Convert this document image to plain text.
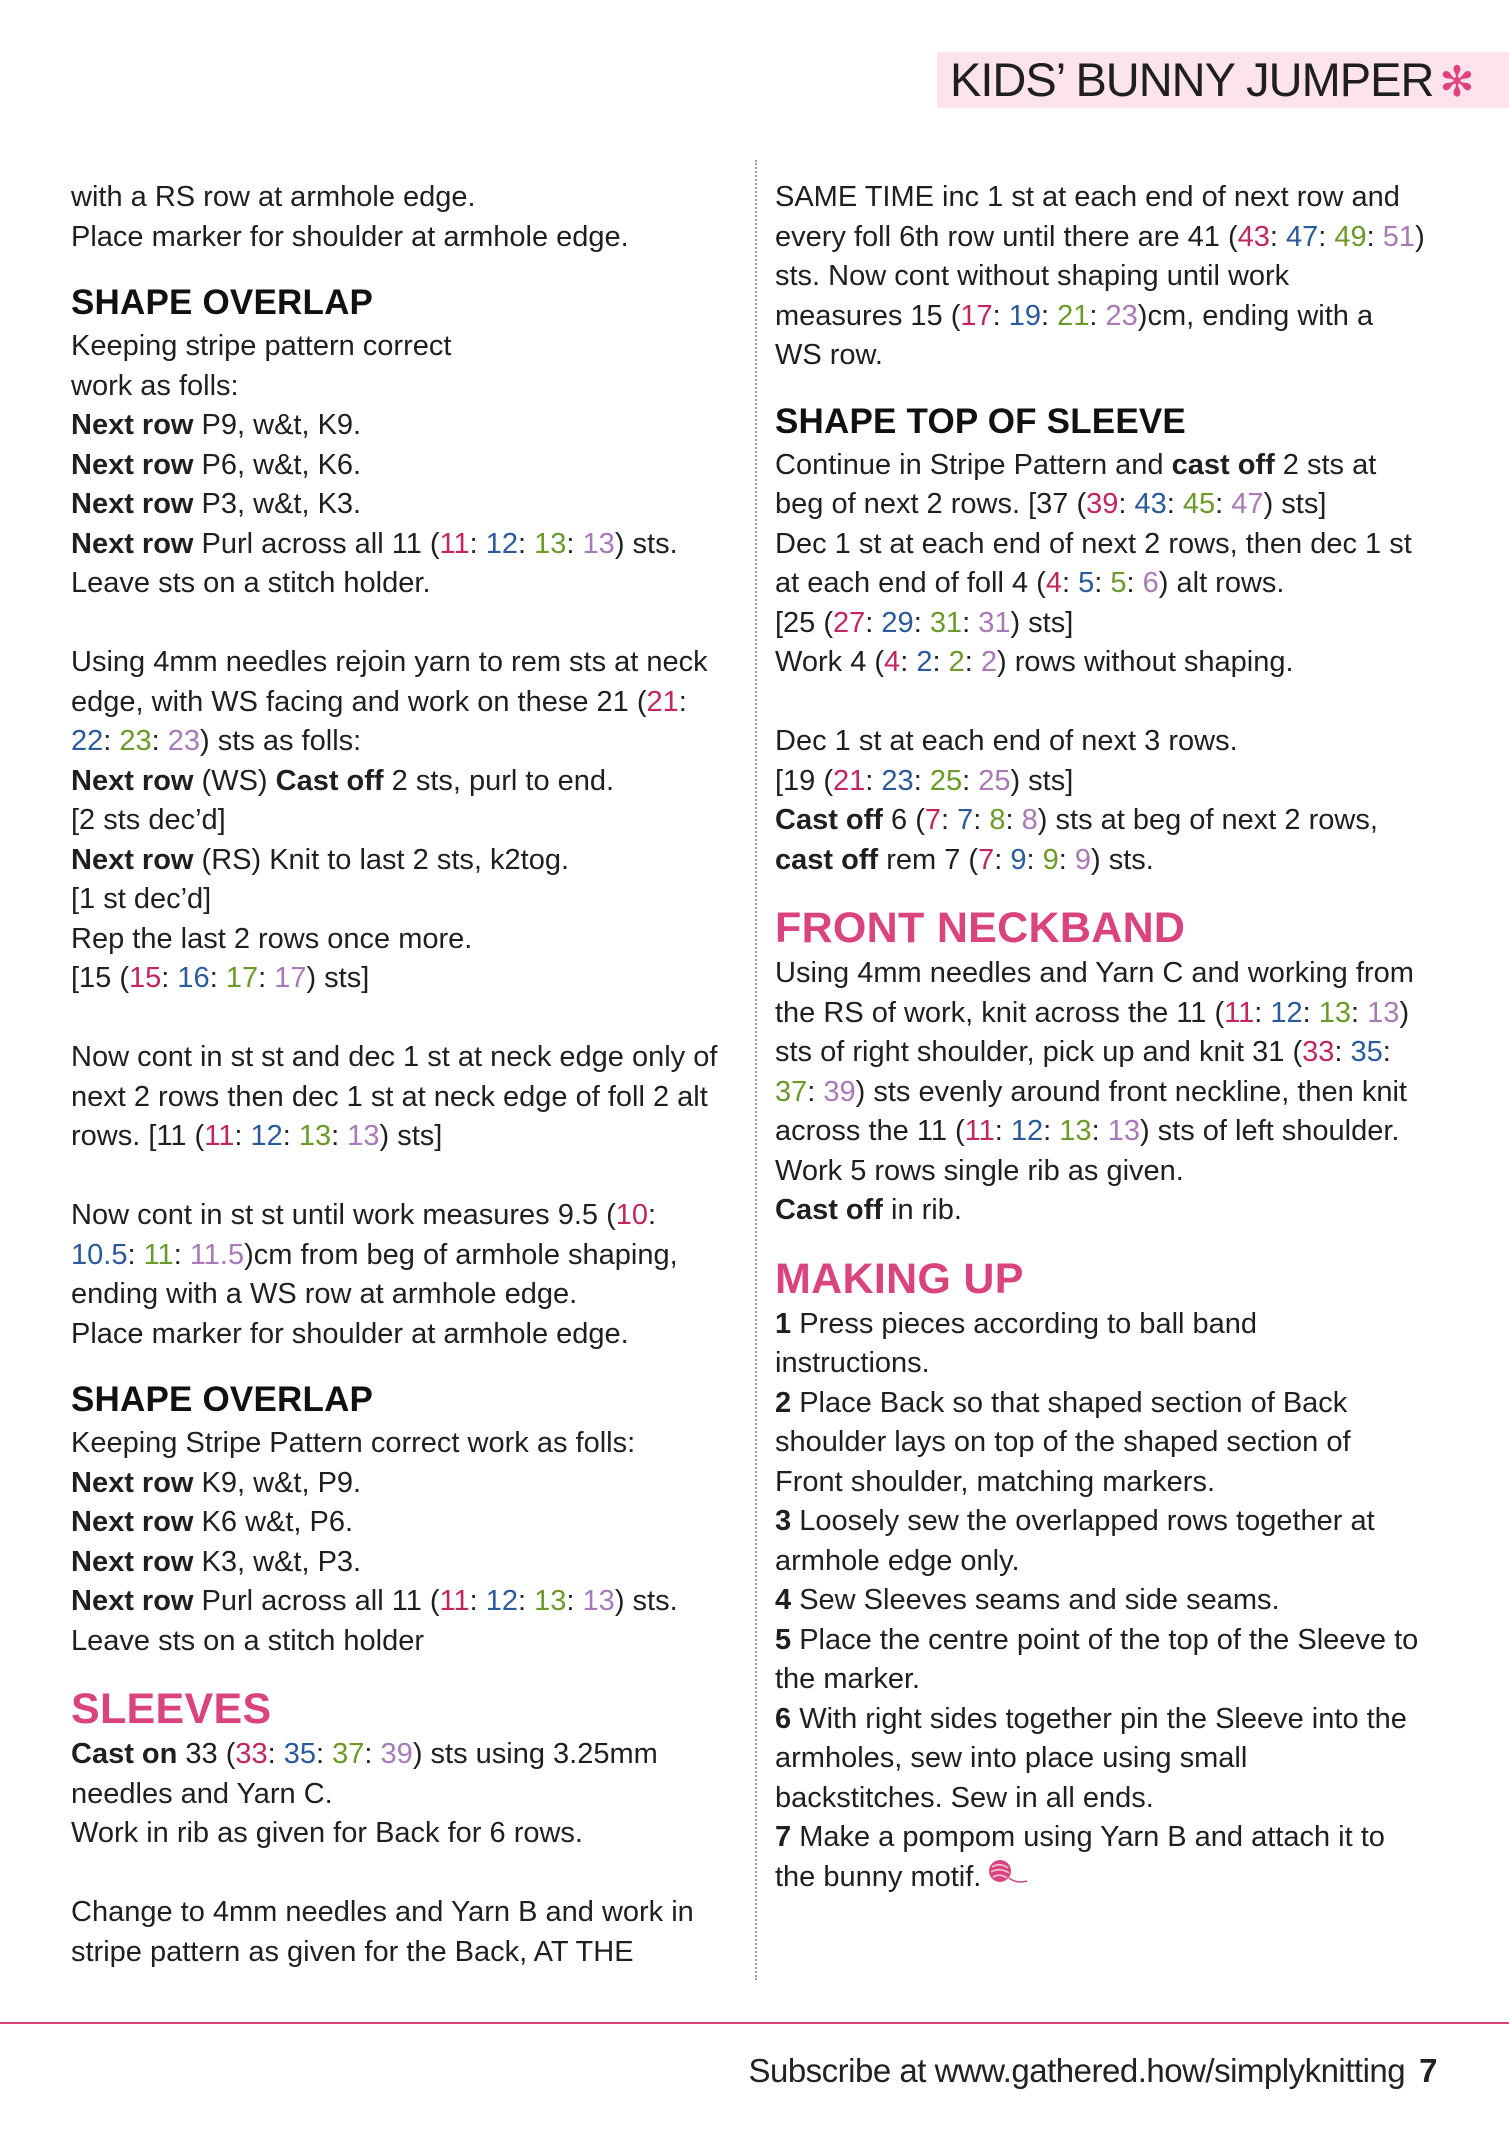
KIDS’ BUNNY JUMPER ✻

with a RS row at armhole edge.

Place marker for shoulder at armhole edge.

SHAPE OVERLAP

Keeping stripe pattern correct

work as folls:

Next row P9, w&t, K9.

Next row P6, w&t, K6.

Next row P3, w&t, K3.

Next row Purl across all 11 (11: 12: 13: 13) sts.

Leave sts on a stitch holder.

Using 4mm needles rejoin yarn to rem sts at neck

edge, with WS facing and work on these 21 (21:

22: 23: 23) sts as folls:

Next row (WS) Cast off 2 sts, purl to end.

[2 sts dec’d]

Next row (RS) Knit to last 2 sts, k2tog.

[1 st dec’d]

Rep the last 2 rows once more.

[15 (15: 16: 17: 17) sts]

Now cont in st st and dec 1 st at neck edge only of

next 2 rows then dec 1 st at neck edge of foll 2 alt

rows. [11 (11: 12: 13: 13) sts]

Now cont in st st until work measures 9.5 (10:

10.5: 11: 11.5)cm from beg of armhole shaping,

ending with a WS row at armhole edge.

Place marker for shoulder at armhole edge.

SHAPE OVERLAP

Keeping Stripe Pattern correct work as folls:

Next row K9, w&t, P9.

Next row K6 w&t, P6.

Next row K3, w&t, P3.

Next row Purl across all 11 (11: 12: 13: 13) sts.

Leave sts on a stitch holder

SLEEVES

Cast on 33 (33: 35: 37: 39) sts using 3.25mm

needles and Yarn C.

Work in rib as given for Back for 6 rows.

Change to 4mm needles and Yarn B and work in

stripe pattern as given for the Back, AT THE

SAME TIME inc 1 st at each end of next row and

every foll 6th row until there are 41 (43: 47: 49: 51)

sts. Now cont without shaping until work

measures 15 (17: 19: 21: 23)cm, ending with a

WS row.

SHAPE TOP OF SLEEVE

Continue in Stripe Pattern and cast off 2 sts at

beg of next 2 rows. [37 (39: 43: 45: 47) sts]

Dec 1 st at each end of next 2 rows, then dec 1 st

at each end of foll 4 (4: 5: 5: 6) alt rows.

[25 (27: 29: 31: 31) sts]

Work 4 (4: 2: 2: 2) rows without shaping.

Dec 1 st at each end of next 3 rows.

[19 (21: 23: 25: 25) sts]

Cast off 6 (7: 7: 8: 8) sts at beg of next 2 rows,

cast off rem 7 (7: 9: 9: 9) sts.

FRONT NECKBAND

Using 4mm needles and Yarn C and working from

the RS of work, knit across the 11 (11: 12: 13: 13)

sts of right shoulder, pick up and knit 31 (33: 35:

37: 39) sts evenly around front neckline, then knit

across the 11 (11: 12: 13: 13) sts of left shoulder.

Work 5 rows single rib as given.

Cast off in rib.

MAKING UP

1 Press pieces according to ball band

instructions.

2 Place Back so that shaped section of Back

shoulder lays on top of the shaped section of

Front shoulder, matching markers.

3 Loosely sew the overlapped rows together at

armhole edge only.

4 Sew Sleeves seams and side seams.

5 Place the centre point of the top of the Sleeve to

the marker.

6 With right sides together pin the Sleeve into the

armholes, sew into place using small

backstitches. Sew in all ends.

7 Make a pompom using Yarn B and attach it to

the bunny motif.

Subscribe at www.gathered.how/simplyknitting 7
